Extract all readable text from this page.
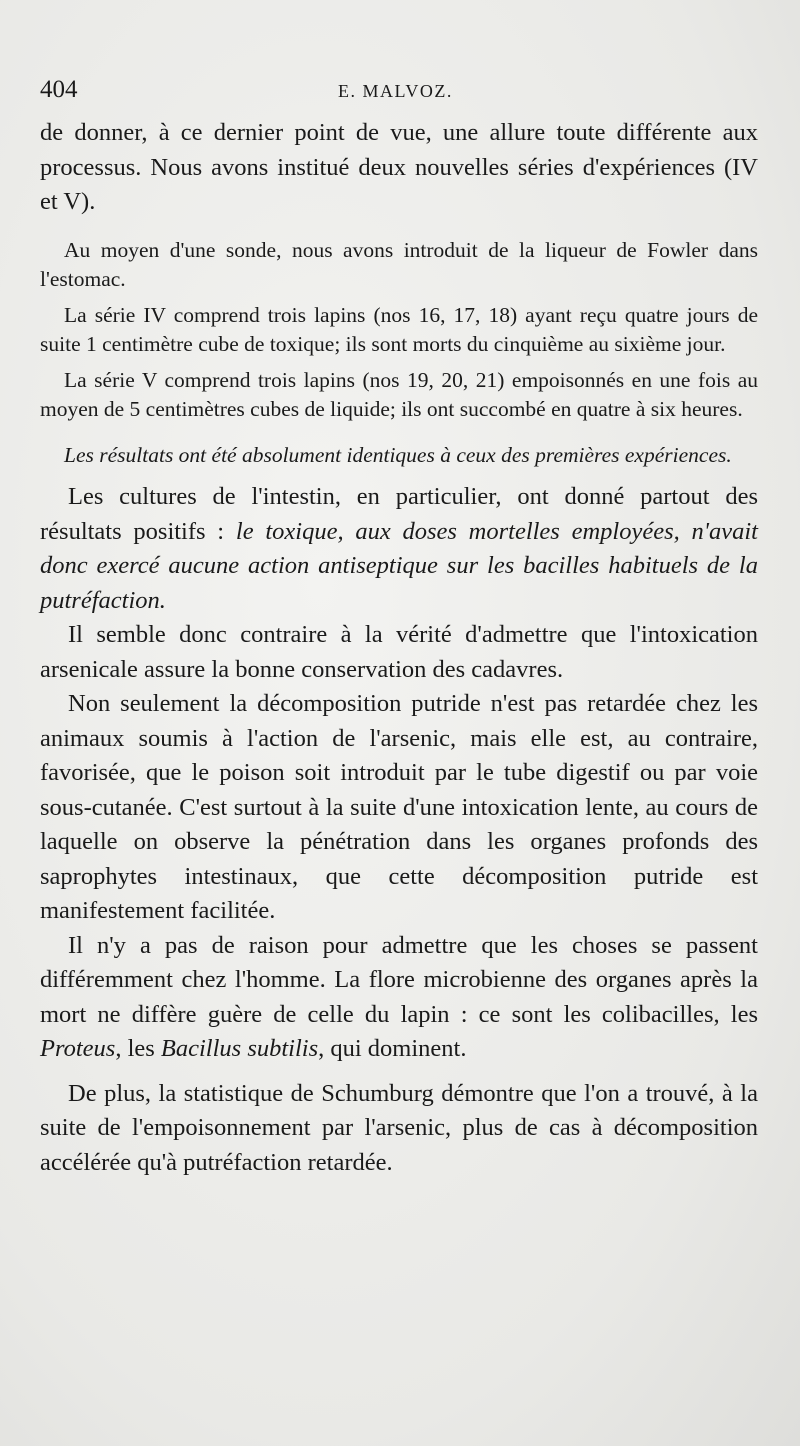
404	E. MALVOZ.

de donner, à ce dernier point de vue, une allure toute différente aux processus. Nous avons institué deux nouvelles séries d'expériences (IV et V).

Au moyen d'une sonde, nous avons introduit de la liqueur de Fowler dans l'estomac.

La série IV comprend trois lapins (nos 16, 17, 18) ayant reçu quatre jours de suite 1 centimètre cube de toxique; ils sont morts du cinquième au sixième jour.

La série V comprend trois lapins (nos 19, 20, 21) empoisonnés en une fois au moyen de 5 centimètres cubes de liquide; ils ont succombé en quatre à six heures.

Les résultats ont été absolument identiques à ceux des premières expériences.

Les cultures de l'intestin, en particulier, ont donné partout des résultats positifs : le toxique, aux doses mortelles employées, n'avait donc exercé aucune action antiseptique sur les bacilles habituels de la putréfaction.

Il semble donc contraire à la vérité d'admettre que l'intoxication arsenicale assure la bonne conservation des cadavres.

Non seulement la décomposition putride n'est pas retardée chez les animaux soumis à l'action de l'arsenic, mais elle est, au contraire, favorisée, que le poison soit introduit par le tube digestif ou par voie sous-cutanée. C'est surtout à la suite d'une intoxication lente, au cours de laquelle on observe la pénétration dans les organes profonds des saprophytes intestinaux, que cette décomposition putride est manifestement facilitée.

Il n'y a pas de raison pour admettre que les choses se passent différemment chez l'homme. La flore microbienne des organes après la mort ne diffère guère de celle du lapin : ce sont les colibacilles, les Proteus, les Bacillus subtilis, qui dominent.

De plus, la statistique de Schumburg démontre que l'on a trouvé, à la suite de l'empoisonnement par l'arsenic, plus de cas à décomposition accélérée qu'à putréfaction retardée.
